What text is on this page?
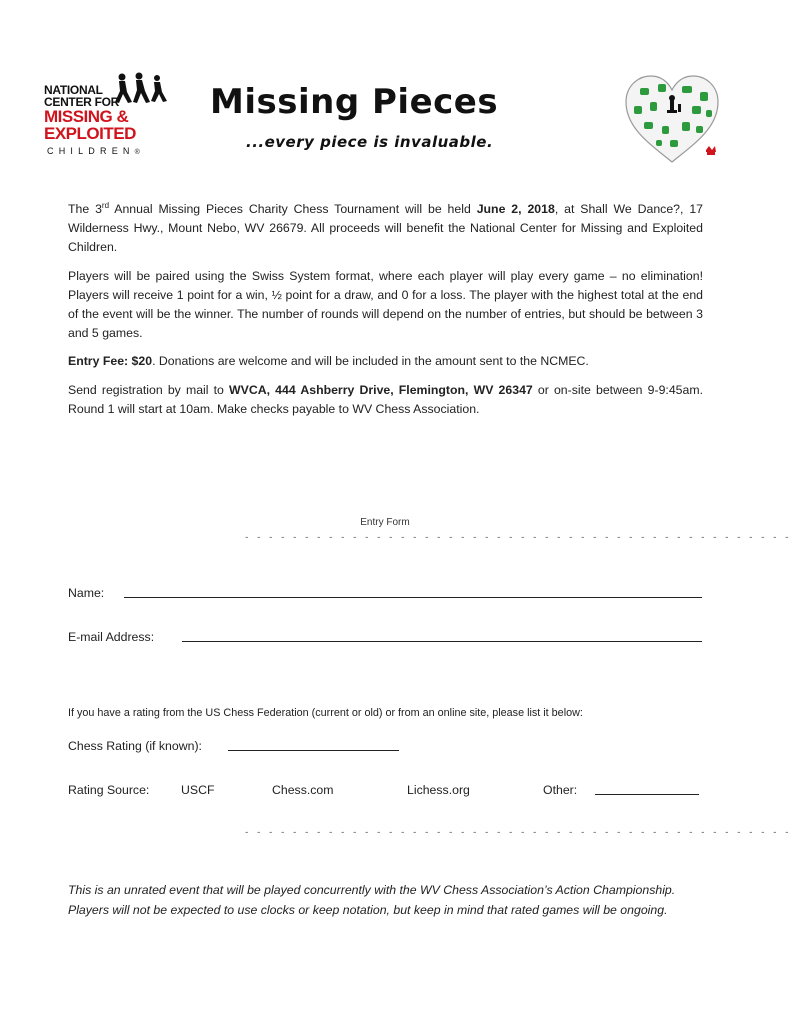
NATIONAL
CENTER FOR
MISSING &
EXPLOITED
CHILDREN®
Missing Pieces
...every piece is invaluable.
The 3rd Annual Missing Pieces Charity Chess Tournament will be held June 2, 2018, at Shall We Dance?, 17 Wilderness Hwy., Mount Nebo, WV 26679. All proceeds will benefit the National Center for Missing and Exploited Children.
Players will be paired using the Swiss System format, where each player will play every game – no elimination! Players will receive 1 point for a win, ½ point for a draw, and 0 for a loss. The player with the highest total at the end of the event will be the winner. The number of rounds will depend on the number of entries, but should be between 3 and 5 games.
Entry Fee: $20. Donations are welcome and will be included in the amount sent to the NCMEC.
Send registration by mail to WVCA, 444 Ashberry Drive, Flemington, WV 26347 or on-site between 9-9:45am. Round 1 will start at 10am. Make checks payable to WV Chess Association.
Entry Form
- - - - - - - - - - - - - - - - - - - - - - - - - - - - - - - - - - - - - - - - - - - - - -
Name:
E-mail Address:
If you have a rating from the US Chess Federation (current or old) or from an online site, please list it below:
Chess Rating (if known):
Rating Source:	USCF	Chess.com	Lichess.org	Other:
- - - - - - - - - - - - - - - - - - - - - - - - - - - - - - - - - - - - - - - - - - - - - -
This is an unrated event that will be played concurrently with the WV Chess Association’s Action Championship. Players will not be expected to use clocks or keep notation, but keep in mind that rated games will be ongoing.
